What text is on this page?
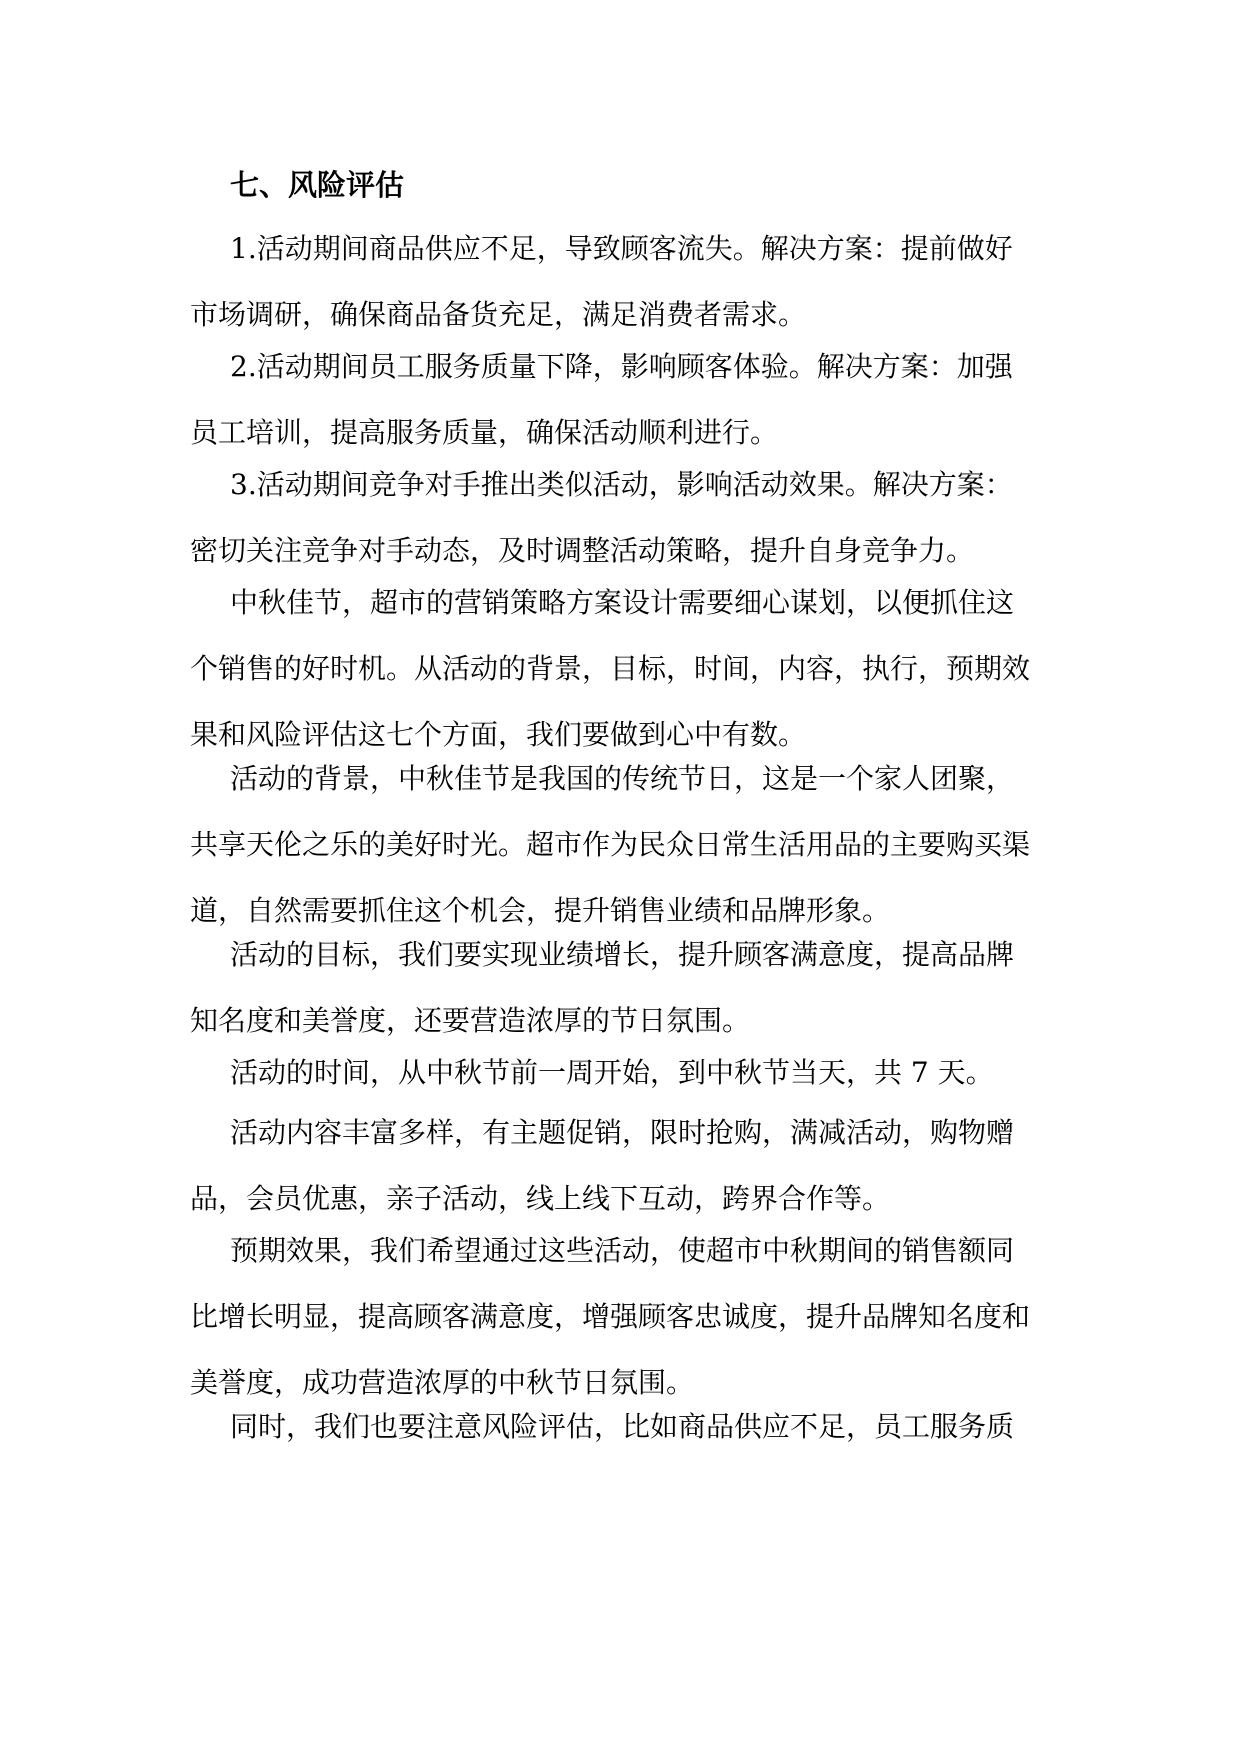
七、风险评估
1.活动期间商品供应不足，导致顾客流失。解决方案：提前做好
市场调研，确保商品备货充足，满足消费者需求。
2.活动期间员工服务质量下降，影响顾客体验。解决方案：加强
员工培训，提高服务质量，确保活动顺利进行。
3.活动期间竞争对手推出类似活动，影响活动效果。解决方案：
密切关注竞争对手动态，及时调整活动策略，提升自身竞争力。
中秋佳节，超市的营销策略方案设计需要细心谋划，以便抓住这
个销售的好时机。从活动的背景，目标，时间，内容，执行，预期效
果和风险评估这七个方面，我们要做到心中有数。
活动的背景，中秋佳节是我国的传统节日，这是一个家人团聚，
共享天伦之乐的美好时光。超市作为民众日常生活用品的主要购买渠
道，自然需要抓住这个机会，提升销售业绩和品牌形象。
活动的目标，我们要实现业绩增长，提升顾客满意度，提高品牌
知名度和美誉度，还要营造浓厚的节日氛围。
活动的时间，从中秋节前一周开始，到中秋节当天，共 7 天。
活动内容丰富多样，有主题促销，限时抢购，满减活动，购物赠
品，会员优惠，亲子活动，线上线下互动，跨界合作等。
预期效果，我们希望通过这些活动，使超市中秋期间的销售额同
比增长明显，提高顾客满意度，增强顾客忠诚度，提升品牌知名度和
美誉度，成功营造浓厚的中秋节日氛围。
同时，我们也要注意风险评估，比如商品供应不足，员工服务质
